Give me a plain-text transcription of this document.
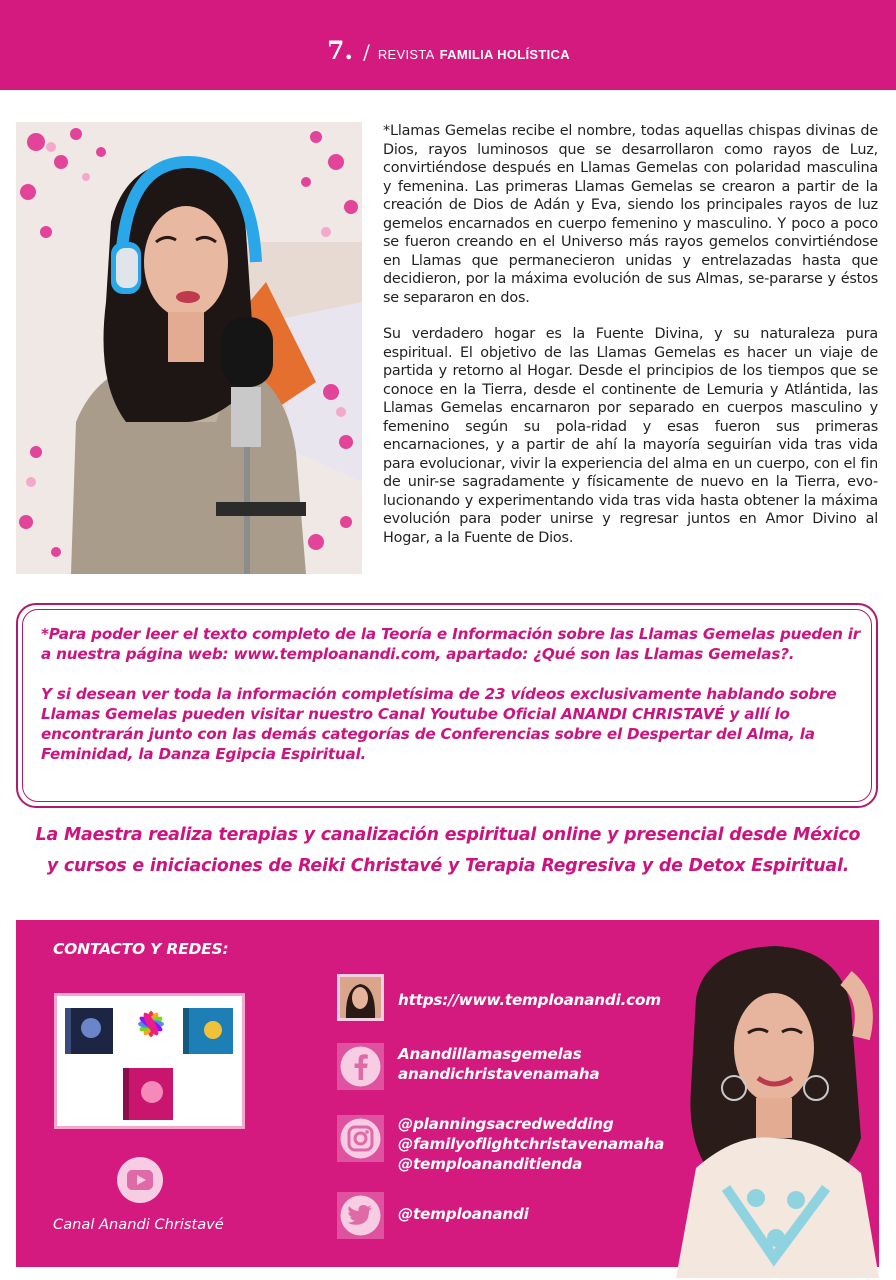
7. / REVISTA FAMILIA HOLÍSTICA

*Llamas Gemelas recibe el nombre, todas aquellas chispas divinas de Dios, rayos luminosos que se desarrollaron como rayos de Luz, convirtiéndose después en Llamas Gemelas con polaridad masculina y femenina. Las primeras Llamas Gemelas se crearon a partir de la creación de Dios de Adán y Eva, siendo los principales rayos de luz gemelos encarnados en cuerpo femenino y masculino. Y poco a poco se fueron creando en el Universo más rayos gemelos convirtiéndose en Llamas que permanecieron unidas y entrelazadas hasta que decidieron, por la máxima evolución de sus Almas, se-pararse y éstos se separaron en dos.

Su verdadero hogar es la Fuente Divina, y su naturaleza pura espiritual. El objetivo de las Llamas Gemelas es hacer un viaje de partida y retorno al Hogar. Desde el principios de los tiempos que se conoce en la Tierra, desde el continente de Lemuria y Atlántida, las Llamas Gemelas encarnaron por separado en cuerpos masculino y femenino según su pola-ridad y esas fueron sus primeras encarnaciones, y a partir de ahí la mayoría seguirían vida tras vida para evolucionar, vivir la experiencia del alma en un cuerpo, con el fin de unir-se sagradamente y físicamente de nuevo en la Tierra, evo-lucionando y experimentando vida tras vida hasta obtener la máxima evolución para poder unirse y regresar juntos en Amor Divino al Hogar, a la Fuente de Dios.

*Para poder leer el texto completo de la Teoría e Información sobre las Llamas Gemelas pueden ir a nuestra página web: www.temploanandi.com, apartado: ¿Qué son las Llamas Gemelas?.

Y si desean ver toda la información completísima de 23 vídeos exclusivamente hablando sobre Llamas Gemelas pueden visitar nuestro Canal Youtube Oficial ANANDI CHRISTAVÉ y allí lo encontrarán junto con las demás categorías de Conferencias sobre el Despertar del Alma, la Feminidad, la Danza Egipcia Espiritual.

La Maestra realiza terapias y canalización espiritual online y presencial desde México
y cursos e iniciaciones de Reiki Christavé y Terapia Regresiva y de Detox Espiritual.
CONTACTO Y REDES:
Canal Anandi Christavé
https://www.temploanandi.com
Anandillamasgemelas
anandichristavenamaha
@planningsacredwedding
@familyoflightchristavenamaha
@temploananditienda
@temploanandi
